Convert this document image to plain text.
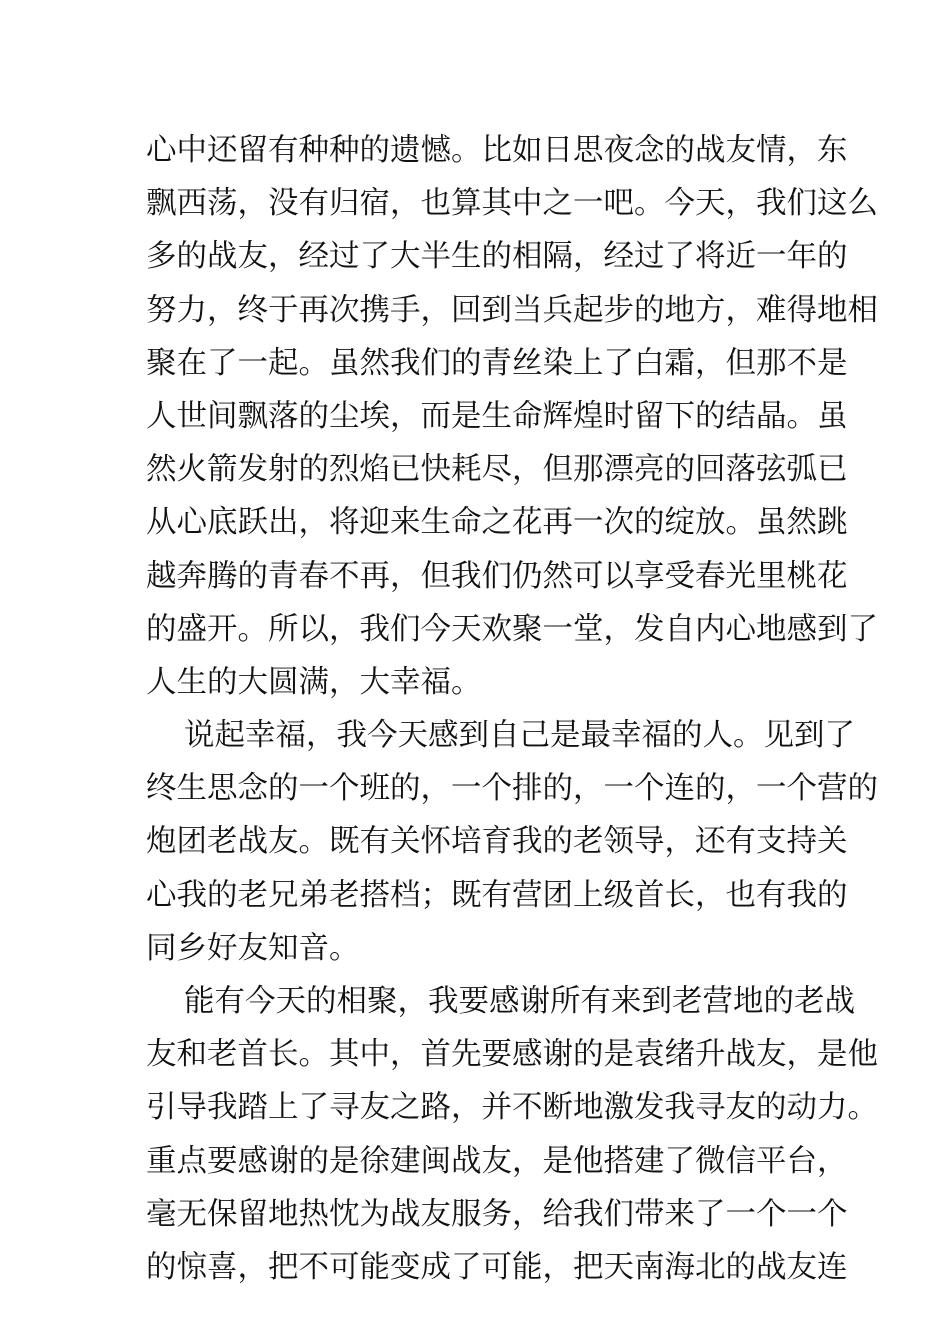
心中还留有种种的遗憾。比如日思夜念的战友情，东
飘西荡，没有归宿，也算其中之一吧。今天，我们这么
多的战友，经过了大半生的相隔，经过了将近一年的
努力，终于再次携手，回到当兵起步的地方，难得地相
聚在了一起。虽然我们的青丝染上了白霜，但那不是
人世间飘落的尘埃，而是生命辉煌时留下的结晶。虽
然火箭发射的烈焰已快耗尽，但那漂亮的回落弦弧已
从心底跃出，将迎来生命之花再一次的绽放。虽然跳
越奔腾的青春不再，但我们仍然可以享受春光里桃花
的盛开。所以，我们今天欢聚一堂，发自内心地感到了
人生的大圆满，大幸福。
说起幸福，我今天感到自己是最幸福的人。见到了
终生思念的一个班的，一个排的，一个连的，一个营的
炮团老战友。既有关怀培育我的老领导，还有支持关
心我的老兄弟老搭档；既有营团上级首长，也有我的
同乡好友知音。
能有今天的相聚，我要感谢所有来到老营地的老战
友和老首长。其中，首先要感谢的是袁绪升战友，是他
引导我踏上了寻友之路，并不断地激发我寻友的动力。
重点要感谢的是徐建闽战友，是他搭建了微信平台，
毫无保留地热忱为战友服务，给我们带来了一个一个
的惊喜，把不可能变成了可能，把天南海北的战友连
